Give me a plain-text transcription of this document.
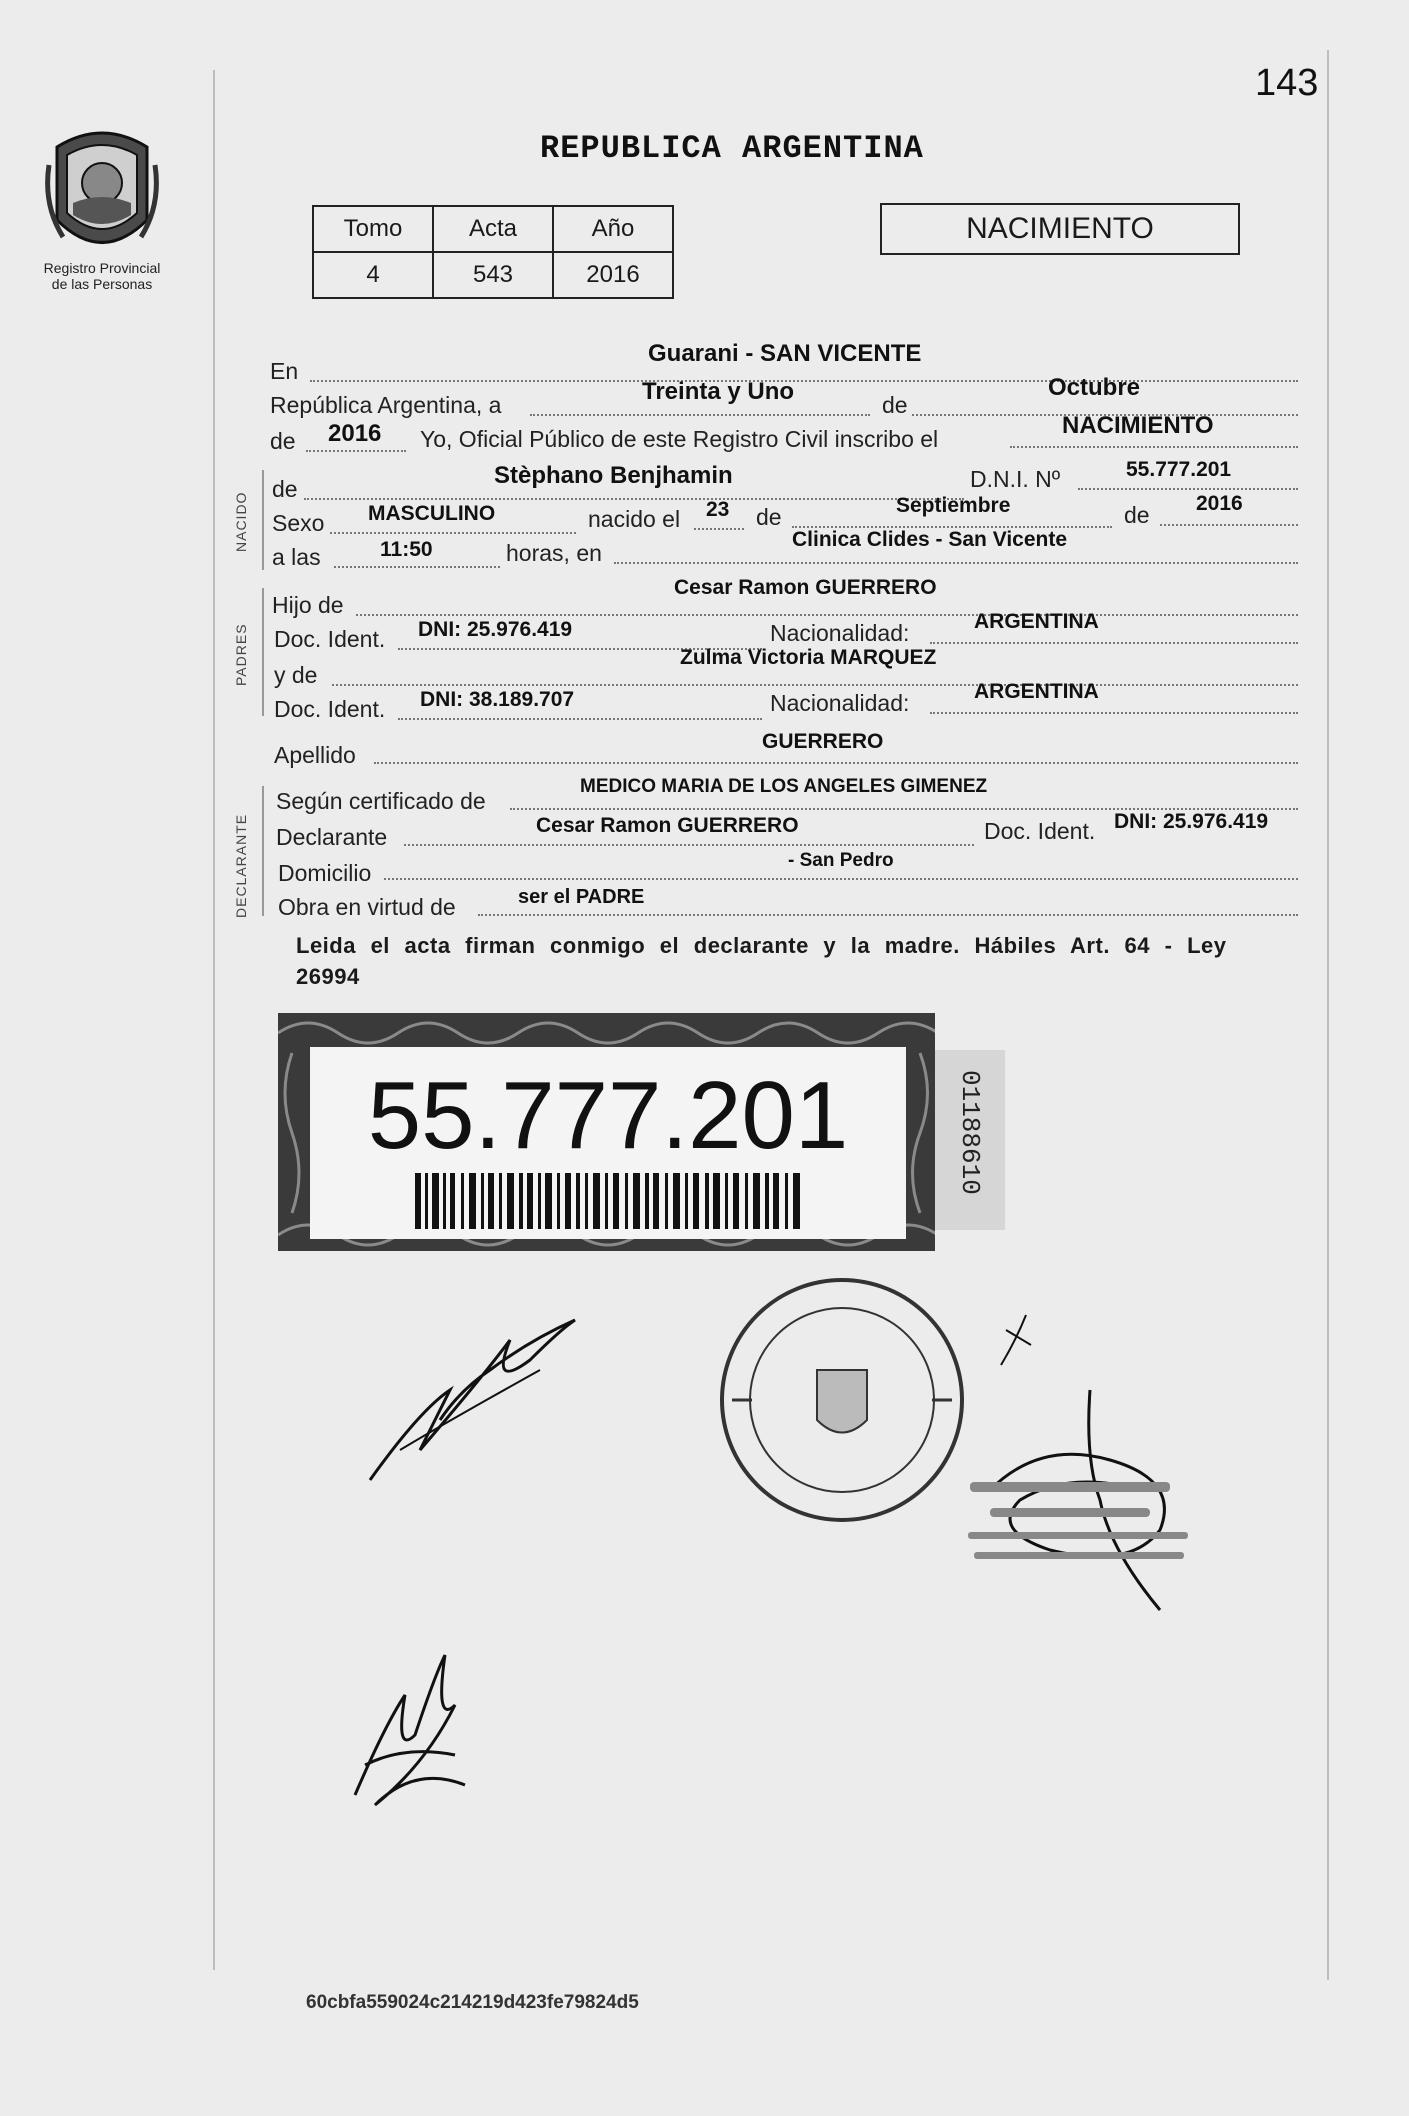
Registro Provincial
de las Personas
143
REPUBLICA ARGENTINA
Tomo	Acta	Año
4	543	2016
NACIMIENTO
NACIDO
PADRES
DECLARANTE
En
Guarani - SAN VICENTE
República Argentina, a	Treinta y Uno	de
Octubre
de 2016 Yo, Oficial Público de este Registro Civil inscribo el	NACIMIENTO
de	Stèphano Benjhamin	D.N.I. Nº	55.777.201
Sexo MASCULINO	nacido el 23 de	Septiembre	de 2016
a las	11:50	horas, en
Clinica Clides - San Vicente
Hijo de
Cesar Ramon GUERRERO
Doc. Ident. DNI: 25.976.419	Nacionalidad:	ARGENTINA
y de
Zulma Victoria MARQUEZ
Doc. Ident. DNI: 38.189.707	Nacionalidad:	ARGENTINA
Apellido
GUERRERO
Según certificado de
MEDICO MARIA DE LOS ANGELES GIMENEZ
Declarante	Cesar Ramon GUERRERO	Doc. Ident. DNI: 25.976.419
Domicilio	- San Pedro
Obra en virtud de	ser el PADRE
Leida el acta firman conmigo el declarante y la madre. Hábiles Art. 64 - Ley 26994
55.777.201	01188610
60cbfa559024c214219d423fe79824d5
